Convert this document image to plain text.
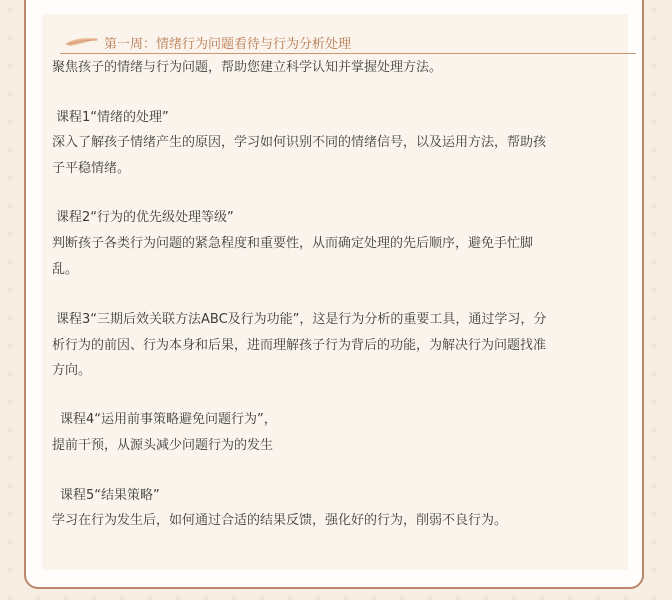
第一周：情绪行为问题看待与行为分析处理
聚焦孩子的情绪与行为问题，帮助您建立科学认知并掌握处理方法。
课程1“情绪的处理”
深入了解孩子情绪产生的原因，学习如何识别不同的情绪信号，以及运用方法，帮助孩
子平稳情绪。
课程2“行为的优先级处理等级”
判断孩子各类行为问题的紧急程度和重要性，从而确定处理的先后顺序，避免手忙脚
乱。
课程3“三期后效关联方法ABC及行为功能”，这是行为分析的重要工具，通过学习，分
析行为的前因、行为本身和后果，进而理解孩子行为背后的功能，为解决行为问题找准
方向。
课程4“运用前事策略避免问题行为”，
提前干预，从源头减少问题行为的发生
课程5“结果策略”
学习在行为发生后，如何通过合适的结果反馈，强化好的行为，削弱不良行为。
